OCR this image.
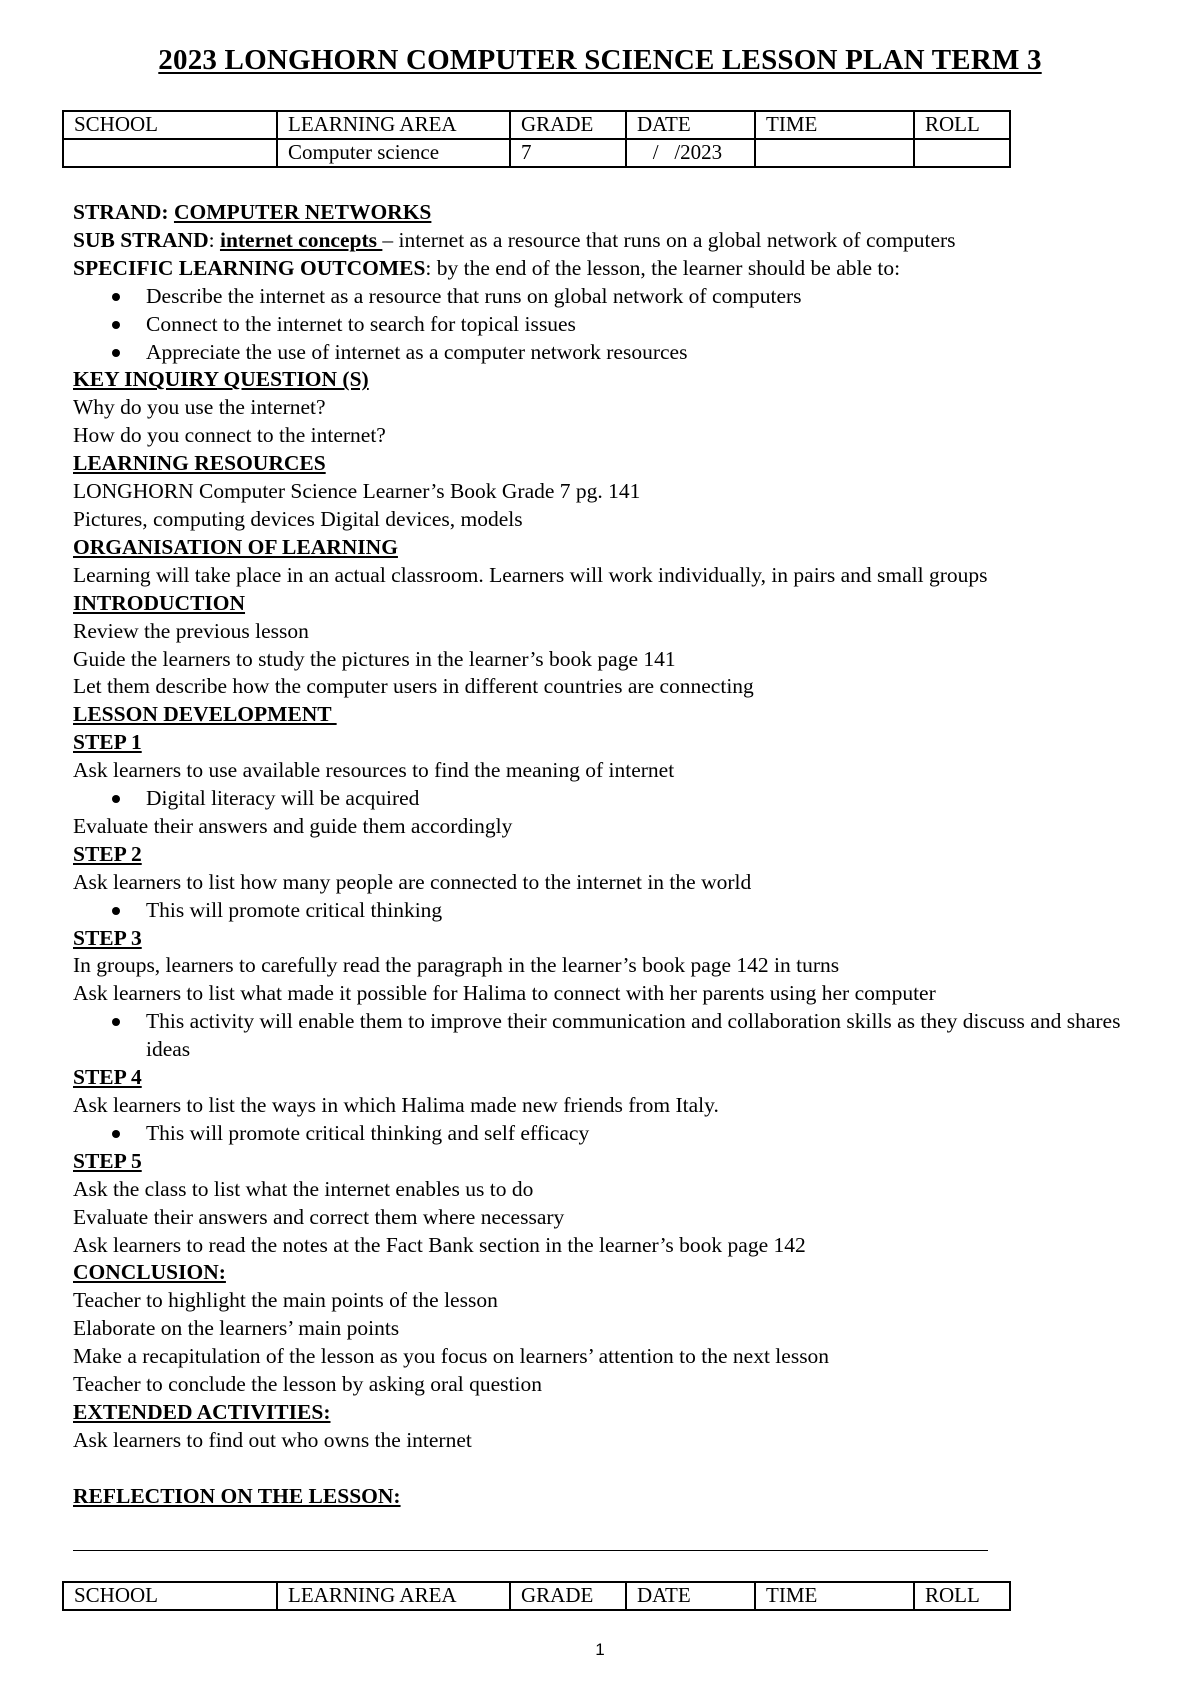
2023 LONGHORN COMPUTER SCIENCE LESSON PLAN TERM 3
SCHOOL	LEARNING AREA	GRADE	DATE	TIME	ROLL
	Computer science	7	/   /2023		
STRAND: COMPUTER NETWORKS
SUB STRAND: internet concepts – internet as a resource that runs on a global network of computers
SPECIFIC LEARNING OUTCOMES: by the end of the lesson, the learner should be able to:
Describe the internet as a resource that runs on global network of computers
Connect to the internet to search for topical issues
Appreciate the use of internet as a computer network resources
KEY INQUIRY QUESTION (S)
Why do you use the internet?
How do you connect to the internet?
LEARNING RESOURCES
LONGHORN Computer Science Learner’s Book Grade 7 pg. 141
Pictures, computing devices Digital devices, models
ORGANISATION OF LEARNING
Learning will take place in an actual classroom. Learners will work individually, in pairs and small groups
INTRODUCTION
Review the previous lesson
Guide the learners to study the pictures in the learner’s book page 141
Let them describe how the computer users in different countries are connecting
LESSON DEVELOPMENT
STEP 1
Ask learners to use available resources to find the meaning of internet
Digital literacy will be acquired
Evaluate their answers and guide them accordingly
STEP 2
Ask learners to list how many people are connected to the internet in the world
This will promote critical thinking
STEP 3
In groups, learners to carefully read the paragraph in the learner’s book page 142 in turns
Ask learners to list what made it possible for Halima to connect with her parents using her computer
This activity will enable them to improve their communication and collaboration skills as they discuss and shares ideas
STEP 4
Ask learners to list the ways in which Halima made new friends from Italy.
This will promote critical thinking and self efficacy
STEP 5
Ask the class to list what the internet enables us to do
Evaluate their answers and correct them where necessary
Ask learners to read the notes at the Fact Bank section in the learner’s book page 142
CONCLUSION:
Teacher to highlight the main points of the lesson
Elaborate on the learners’ main points
Make a recapitulation of the lesson as you focus on learners’ attention to the next lesson
Teacher to conclude the lesson by asking oral question
EXTENDED ACTIVITIES:
Ask learners to find out who owns the internet
REFLECTION ON THE LESSON:
SCHOOL	LEARNING AREA	GRADE	DATE	TIME	ROLL
1
